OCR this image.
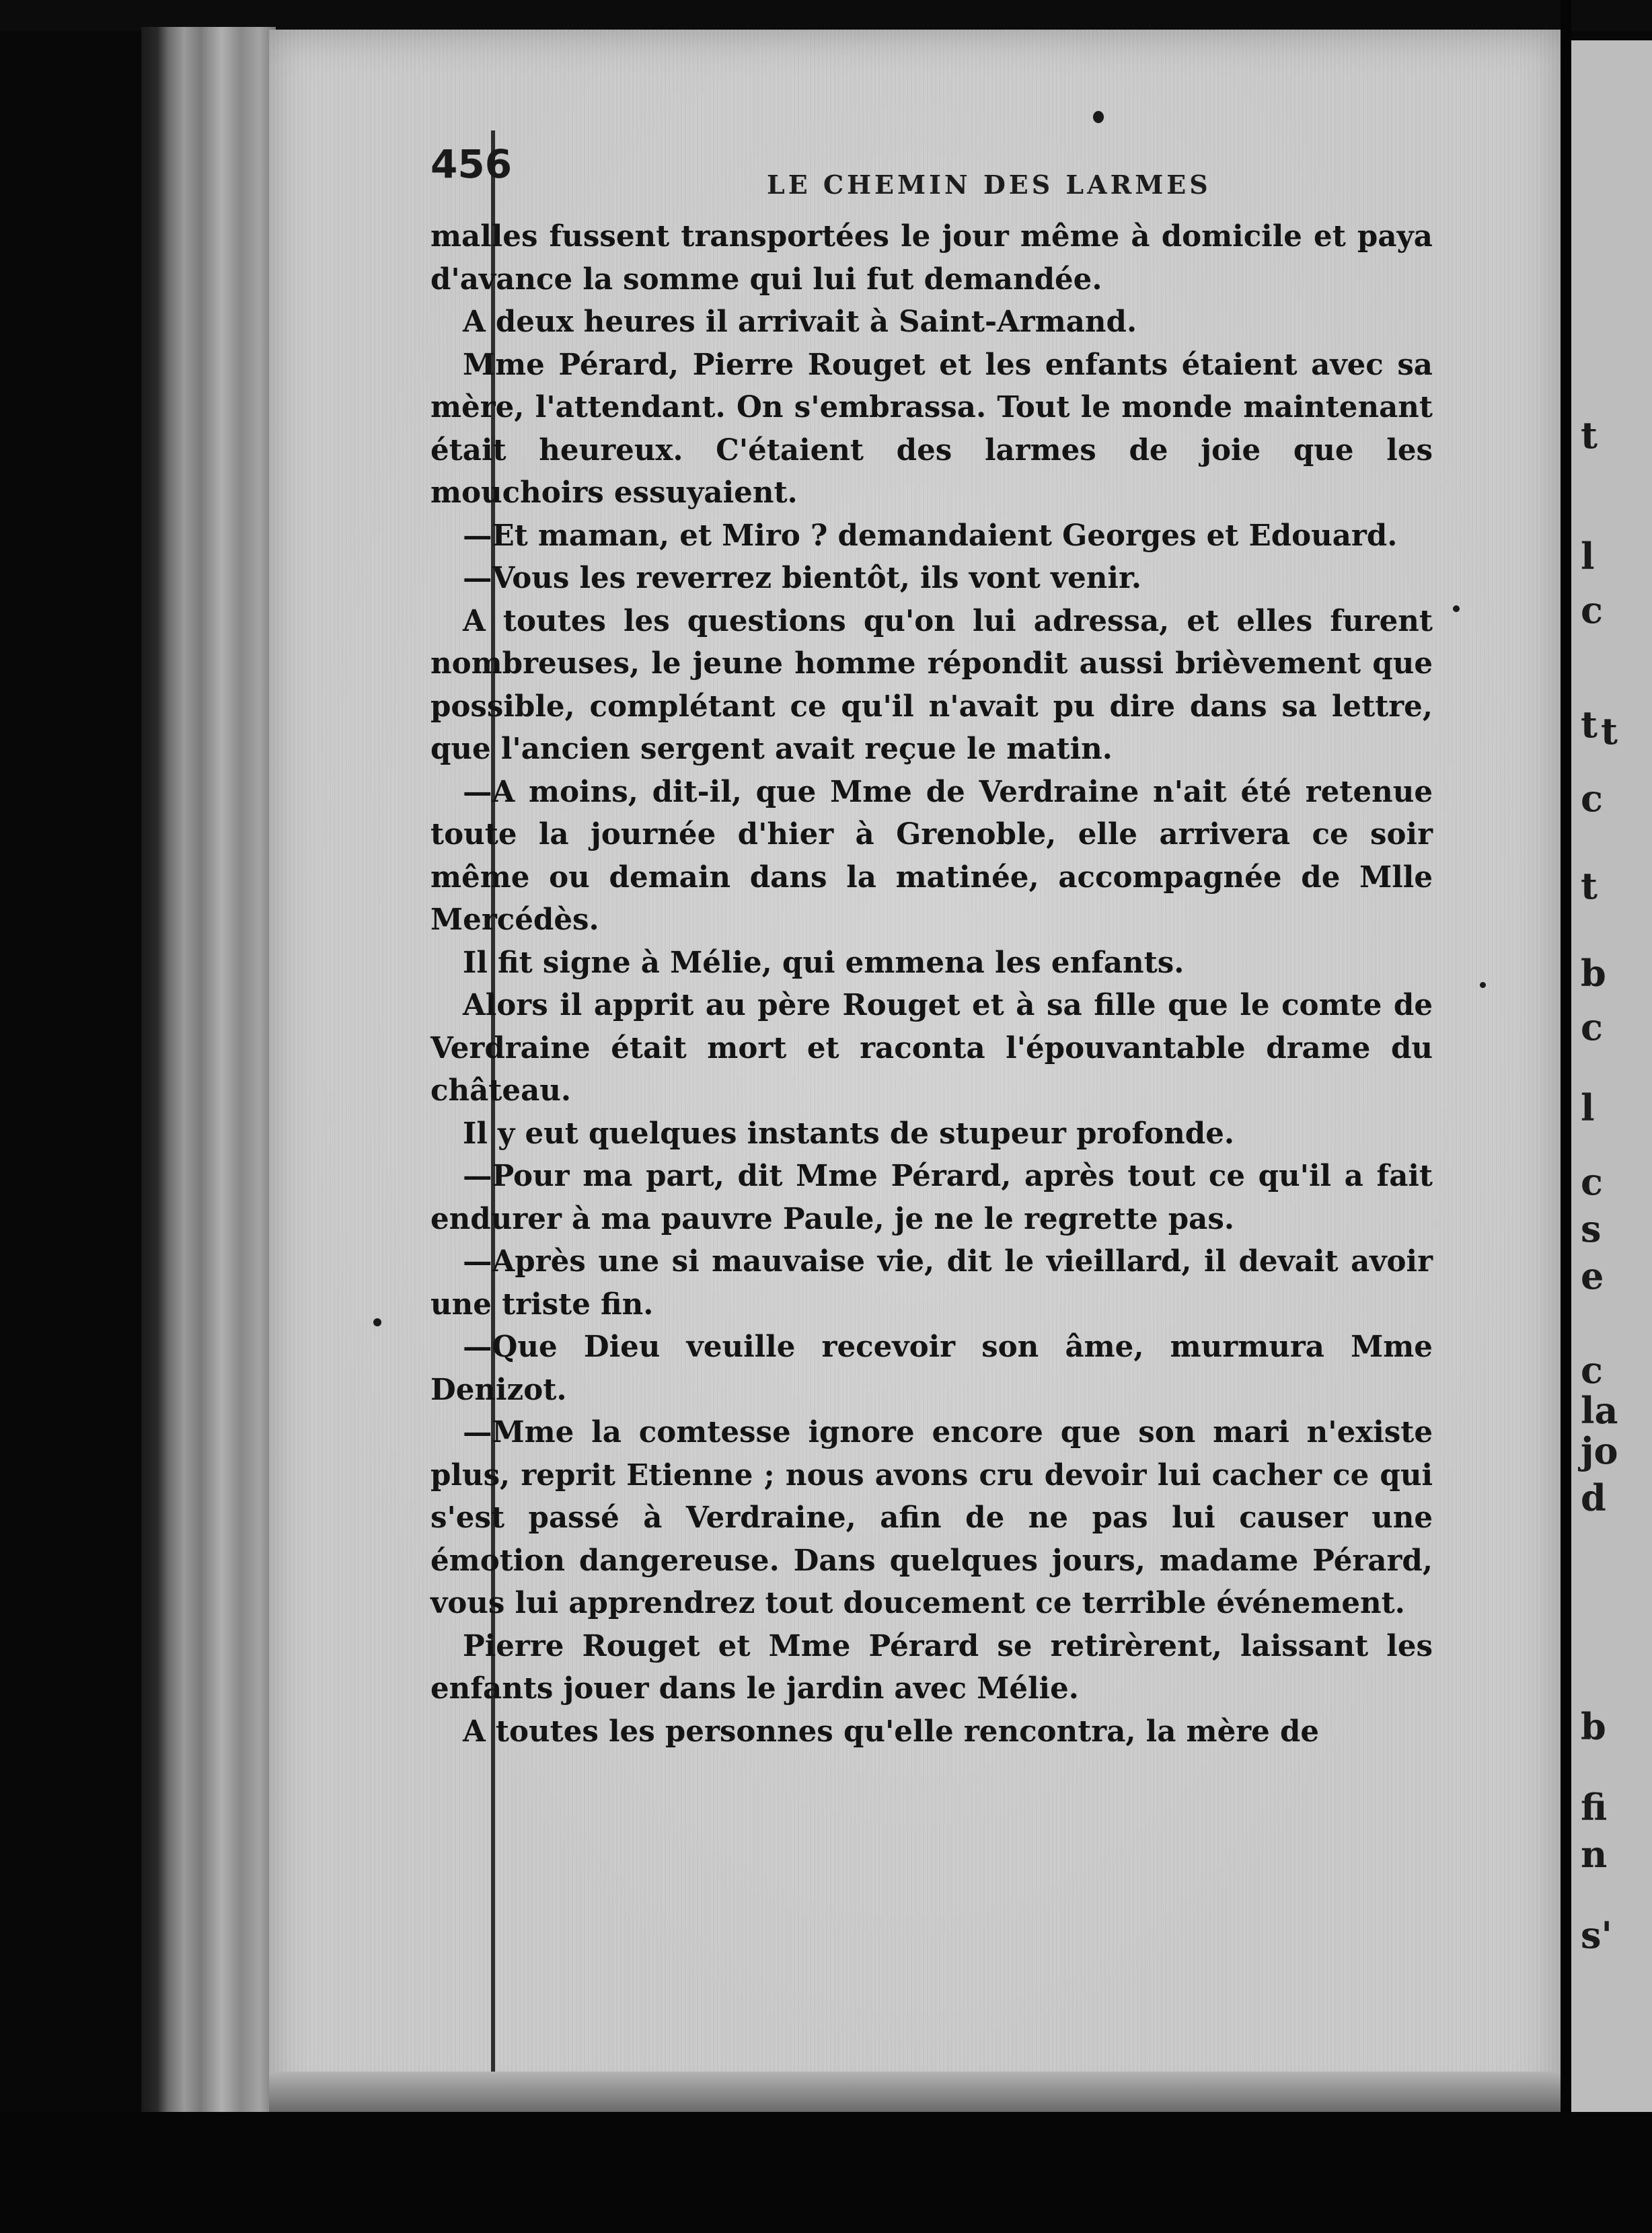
t
l
c
t
t
c
t
b
c
l
c
s
e
c
la
jo
d
b
fi
n
s'
456	LE CHEMIN DES LARMES

malles fussent transportées le jour même à domicile et paya d'avance la somme qui lui fut demandée.

A deux heures il arrivait à Saint-Armand.

Mme Pérard, Pierre Rouget et les enfants étaient avec sa mère, l'attendant. On s'embrassa. Tout le monde maintenant était heureux. C'étaient des larmes de joie que les mouchoirs essuyaient.

—Et maman, et Miro ? demandaient Georges et Edouard.

—Vous les reverrez bientôt, ils vont venir.

A toutes les questions qu'on lui adressa, et elles furent nombreuses, le jeune homme répondit aussi brièvement que possible, complétant ce qu'il n'avait pu dire dans sa lettre, que l'ancien sergent avait reçue le matin.

—A moins, dit-il, que Mme de Verdraine n'ait été retenue toute la journée d'hier à Grenoble, elle arrivera ce soir même ou demain dans la matinée, accompagnée de Mlle Mercédès.

Il fit signe à Mélie, qui emmena les enfants.

Alors il apprit au père Rouget et à sa fille que le comte de Verdraine était mort et raconta l'épouvantable drame du château.

Il y eut quelques instants de stupeur profonde.

—Pour ma part, dit Mme Pérard, après tout ce qu'il a fait endurer à ma pauvre Paule, je ne le regrette pas.

—Après une si mauvaise vie, dit le vieillard, il devait avoir une triste fin.

—Que Dieu veuille recevoir son âme, murmura Mme Denizot.

—Mme la comtesse ignore encore que son mari n'existe plus, reprit Etienne ; nous avons cru devoir lui cacher ce qui s'est passé à Verdraine, afin de ne pas lui causer une émotion dangereuse. Dans quelques jours, madame Pérard, vous lui apprendrez tout doucement ce terrible événement.

Pierre Rouget et Mme Pérard se retirèrent, laissant les enfants jouer dans le jardin avec Mélie.

A toutes les personnes qu'elle rencontra, la mère de
